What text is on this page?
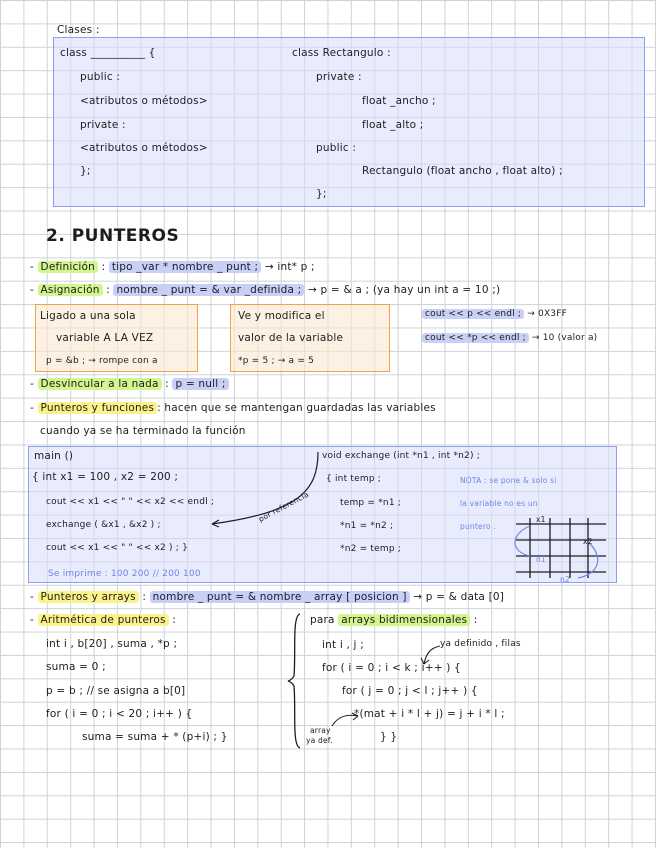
Clases :
class __________ {
public :
<atributos o métodos>
private :
<atributos o métodos>
};
class Rectangulo :
private :
float _ancho ;
float _alto ;
public :
Rectangulo (float ancho , float alto) ;
};
2. PUNTEROS
- Definición : tipo _var * nombre _ punt ; → int* p ;
- Asignación : nombre _ punt = & var _definida ; → p = & a ; (ya hay un int a = 10 ;)
Ligado a una sola
variable A LA VEZ
p = &b ; → rompe con a
Ve y modifica el
valor de la variable
*p = 5 ; → a = 5
cout << p << endl ; → 0X3FF
cout << *p << endl ; → 10 (valor a)
- Desvincular a la nada : p = null ;
- Punteros y funciones : hacen que se mantengan guardadas las variables
cuando ya se ha terminado la función
main ()
{ int x1 = 100 , x2 = 200 ;
cout << x1 << " " << x2 << endl ;
exchange ( &x1 , &x2 ) ;
cout << x1 << " " << x2 ) ; }
Se imprime : 100 200 // 200 100
por referencia
void exchange (int *n1 , int *n2) ;
{ int temp ;
temp = *n1 ;
*n1 = *n2 ;
*n2 = temp ;
NOTA : se pone & solo si
la variable no es un
puntero .
x1
x2
n1
n2
- Punteros y arrays : nombre _ punt = & nombre _ array [ posicion ] → p = & data [0]
- Aritmética de punteros :
int i , b[20] , suma , *p ;
suma = 0 ;
p = b ; // se asigna a b[0]
for ( i = 0 ; i < 20 ; i++ ) {
suma = suma + * (p+i) ; }
para arrays bidimensionales :
int i , j ;	ya definido , filas
for ( i = 0 ; i < k ; i++ ) {
for ( j = 0 ; j < l ; j++ ) {
*(mat + i * l + j) = j + i * l ;
} }
array
ya def.
